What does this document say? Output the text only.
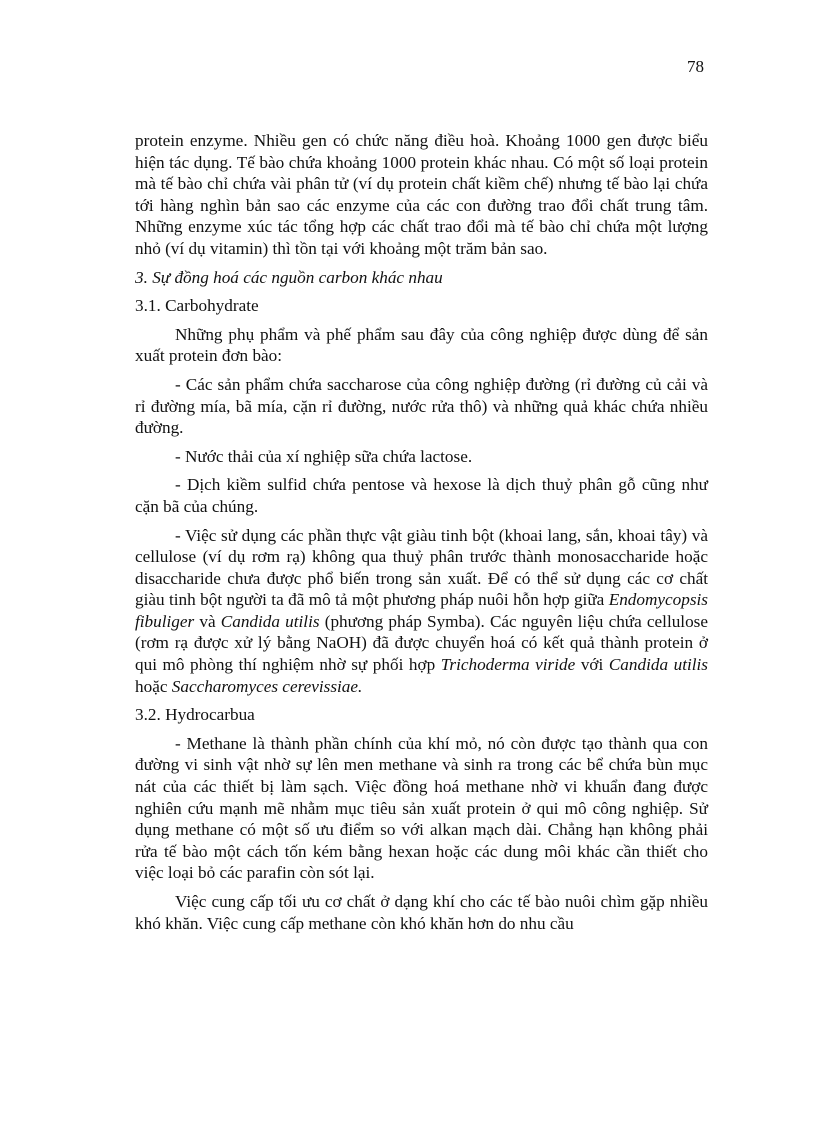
78

protein enzyme. Nhiều gen có chức năng điều hoà. Khoảng 1000 gen được biểu hiện tác dụng. Tế bào chứa khoảng 1000 protein khác nhau. Có một số loại protein mà tế bào chỉ chứa vài phân tử (ví dụ protein chất kiềm chế) nhưng tế bào lại chứa tới hàng nghìn bản sao các enzyme của các con đường trao đổi chất trung tâm. Những enzyme xúc tác tổng hợp các chất trao đổi mà tế bào chỉ chứa một lượng nhỏ (ví dụ vitamin) thì tồn tại với khoảng một trăm bản sao.

3. Sự đồng hoá các nguồn carbon khác nhau

3.1. Carbohydrate

Những phụ phẩm và phế phẩm sau đây của công nghiệp được dùng để sản xuất protein đơn bào:

- Các sản phẩm chứa saccharose của công nghiệp đường (rỉ đường củ cải và rỉ đường mía, bã mía, cặn rỉ đường, nước rửa thô) và những quả khác chứa nhiều đường.

- Nước thải của xí nghiệp sữa chứa lactose.

- Dịch kiềm sulfid chứa pentose và hexose là dịch thuỷ phân gỗ cũng như cặn bã của chúng.

- Việc sử dụng các phần thực vật giàu tinh bột (khoai lang, sắn, khoai tây) và cellulose (ví dụ rơm rạ) không qua thuỷ phân trước thành monosaccharide hoặc disaccharide chưa được phổ biến trong sản xuất. Để có thể sử dụng các cơ chất giàu tinh bột người ta đã mô tả một phương pháp nuôi hỗn hợp giữa Endomycopsis fibuliger và Candida utilis (phương pháp Symba). Các nguyên liệu chứa cellulose (rơm rạ được xử lý bằng NaOH) đã được chuyển hoá có kết quả thành protein ở qui mô phòng thí nghiệm nhờ sự phối hợp Trichoderma viride với Candida utilis hoặc Saccharomyces cerevissiae.

3.2. Hydrocarbua

- Methane là thành phần chính của khí mỏ, nó còn được tạo thành qua con đường vi sinh vật nhờ sự lên men methane và sinh ra trong các bể chứa bùn mục nát của các thiết bị làm sạch. Việc đồng hoá methane nhờ vi khuẩn đang được nghiên cứu mạnh mẽ nhằm mục tiêu sản xuất protein ở qui mô công nghiệp. Sử dụng methane có một số ưu điểm so với alkan mạch dài. Chẳng hạn không phải rửa tế bào một cách tốn kém bằng hexan hoặc các dung môi khác cần thiết cho việc loại bỏ các parafin còn sót lại.

Việc cung cấp tối ưu cơ chất ở dạng khí cho các tế bào nuôi chìm gặp nhiều khó khăn. Việc cung cấp methane còn khó khăn hơn do nhu cầu
